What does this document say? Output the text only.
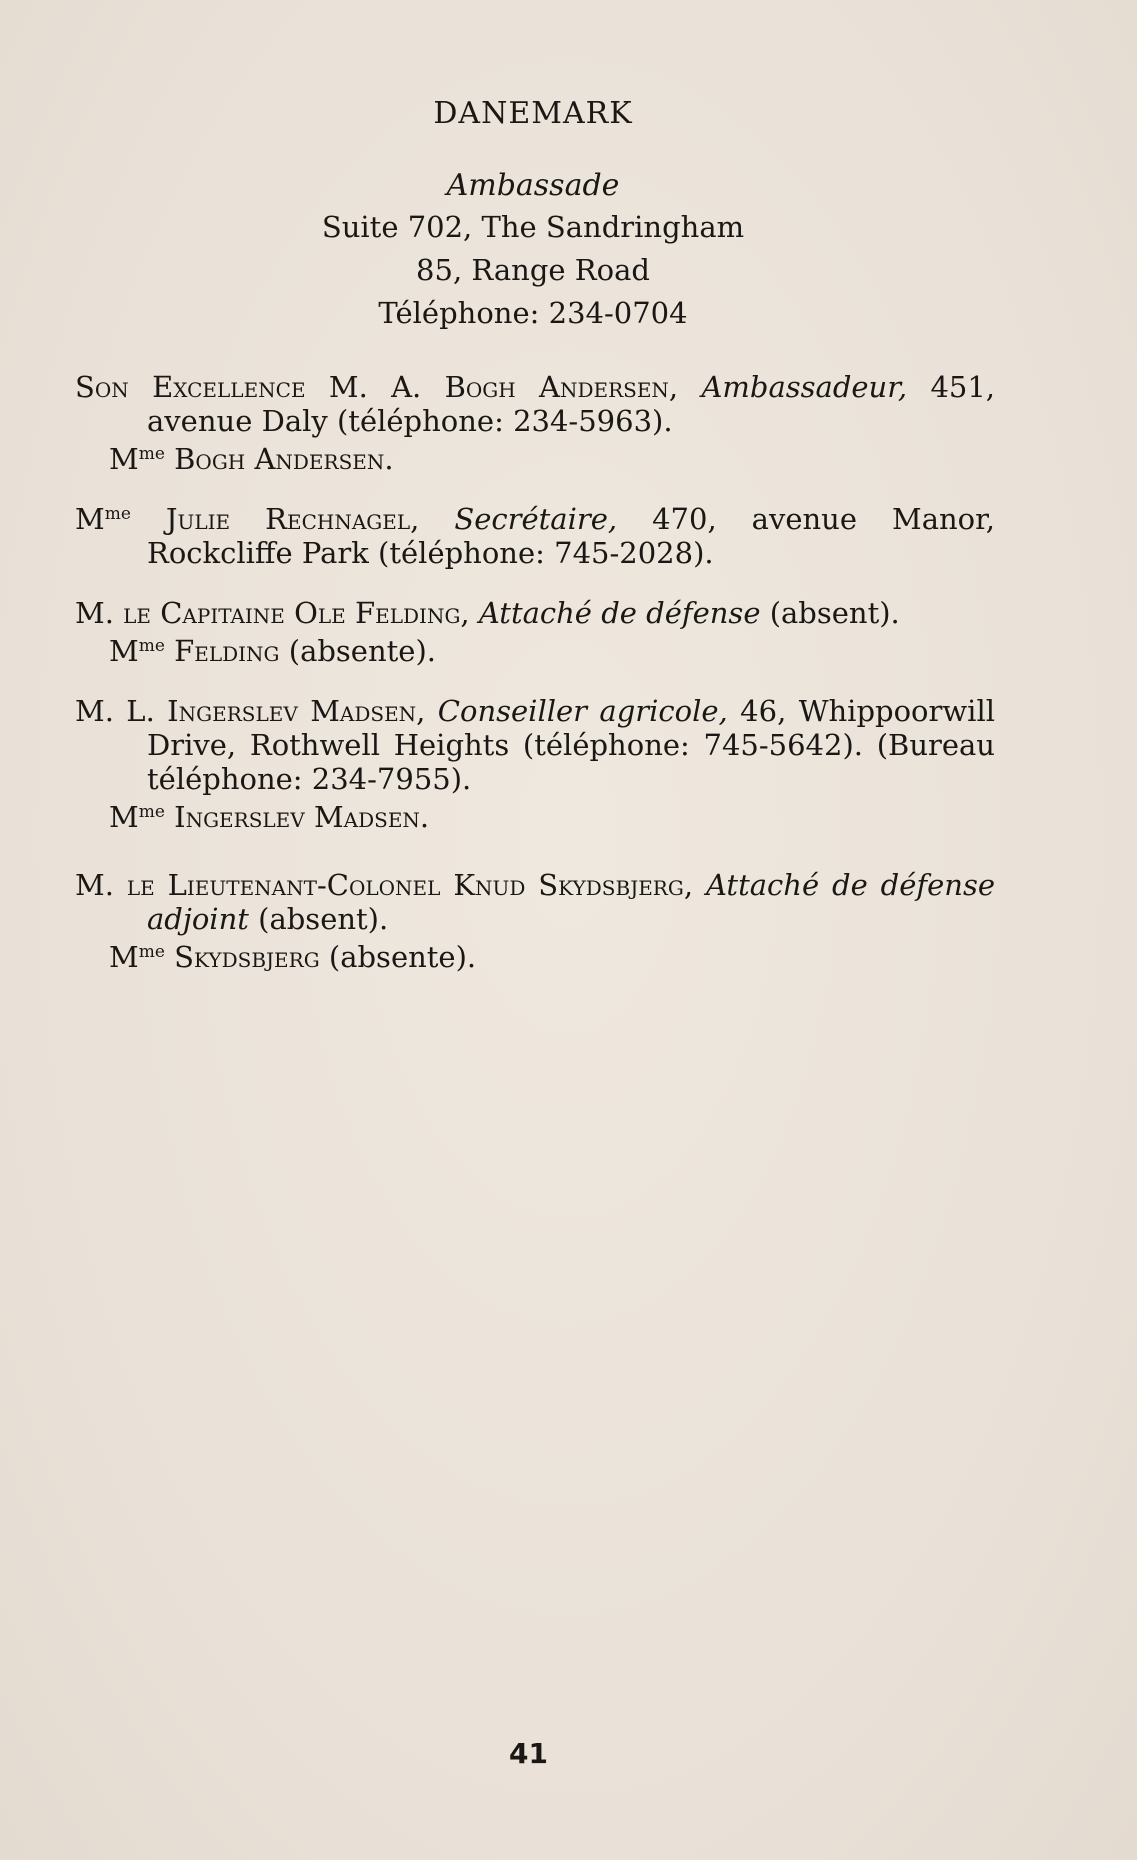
DANEMARK
Ambassade
Suite 702, The Sandringham
85, Range Road
Téléphone: 234-0704

Son Excellence M. A. Bogh Andersen, Ambassadeur, 451, avenue Daly (téléphone: 234-5963).

$M^{me}$ Bogh Andersen.

$M^{me}$ Julie Rechnagel, Secrétaire, 470, avenue Manor, Rockcliffe Park (téléphone: 745-2028).

M. le Capitaine Ole Felding, Attaché de défense (absent).

$M^{me}$ Felding (absente).

M. L. Ingerslev Madsen, Conseiller agricole, 46, Whippoorwill Drive, Rothwell Heights (téléphone: 745-5642). (Bureau téléphone: 234-7955).

$M^{me}$ Ingerslev Madsen.

M. le Lieutenant-Colonel Knud Skydsbjerg, Attaché de défense adjoint (absent).

$M^{me}$ Skydsbjerg (absente).

41
